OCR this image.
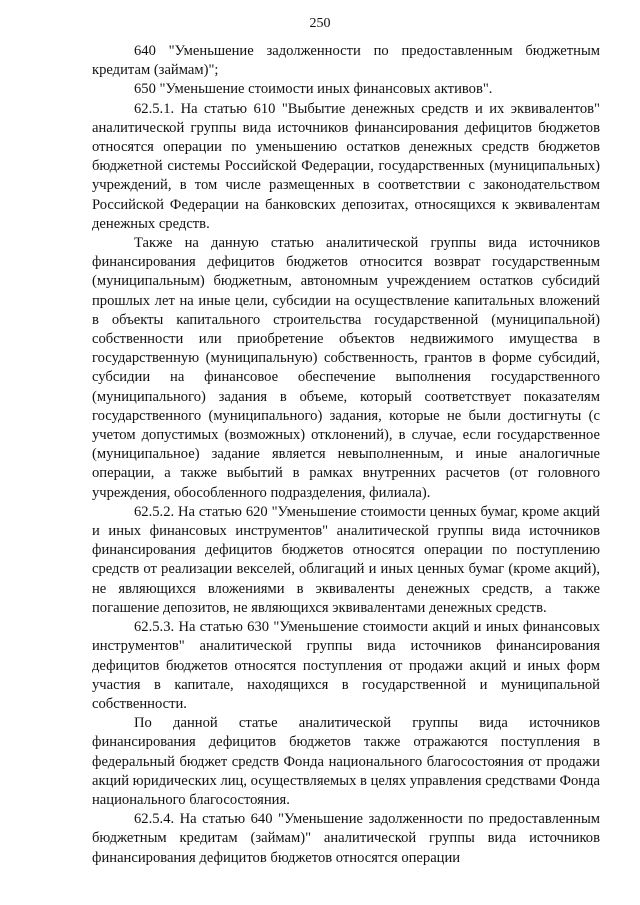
250

640 "Уменьшение задолженности по предоставленным бюджетным кредитам (займам)";

650 "Уменьшение стоимости иных финансовых активов".

62.5.1. На статью 610 "Выбытие денежных средств и их эквивалентов" аналитической группы вида источников финансирования дефицитов бюджетов относятся операции по уменьшению остатков денежных средств бюджетов бюджетной системы Российской Федерации, государственных (муниципальных) учреждений, в том числе размещенных в соответствии с законодательством Российской Федерации на банковских депозитах, относящихся к эквивалентам денежных средств.

Также на данную статью аналитической группы вида источников финансирования дефицитов бюджетов относится возврат государственным (муниципальным) бюджетным, автономным учреждением остатков субсидий прошлых лет на иные цели, субсидии на осуществление капитальных вложений в объекты капитального строительства государственной (муниципальной) собственности или приобретение объектов недвижимого имущества в государственную (муниципальную) собственность, грантов в форме субсидий, субсидии на финансовое обеспечение выполнения государственного (муниципального) задания в объеме, который соответствует показателям государственного (муниципального) задания, которые не были достигнуты (с учетом допустимых (возможных) отклонений), в случае, если государственное (муниципальное) задание является невыполненным, и иные аналогичные операции, а также выбытий в рамках внутренних расчетов (от головного учреждения, обособленного подразделения, филиала).

62.5.2. На статью 620 "Уменьшение стоимости ценных бумаг, кроме акций и иных финансовых инструментов" аналитической группы вида источников финансирования дефицитов бюджетов относятся операции по поступлению средств от реализации векселей, облигаций и иных ценных бумаг (кроме акций), не являющихся вложениями в эквиваленты денежных средств, а также погашение депозитов, не являющихся эквивалентами денежных средств.

62.5.3. На статью 630 "Уменьшение стоимости акций и иных финансовых инструментов" аналитической группы вида источников финансирования дефицитов бюджетов относятся поступления от продажи акций и иных форм участия в капитале, находящихся в государственной и муниципальной собственности.

По данной статье аналитической группы вида источников финансирования дефицитов бюджетов также отражаются поступления в федеральный бюджет средств Фонда национального благосостояния от продажи акций юридических лиц, осуществляемых в целях управления средствами Фонда национального благосостояния.

62.5.4. На статью 640 "Уменьшение задолженности по предоставленным бюджетным кредитам (займам)" аналитической группы вида источников финансирования дефицитов бюджетов относятся операции
